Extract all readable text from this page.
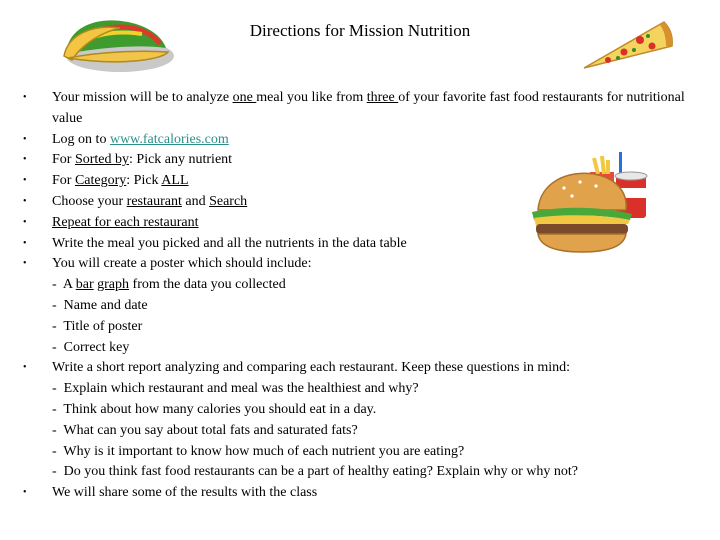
Directions for Mission Nutrition
• Your mission will be to analyze one meal you like from three of your favorite fast food restaurants for nutritional value
• Log on to www.fatcalories.com
• For Sorted by: Pick any nutrient
• For Category: Pick ALL
• Choose your restaurant and Search
• Repeat for each restaurant
• Write the meal you picked and all the nutrients in the data table
• You will create a poster which should include:
- A bar graph from the data you collected
- Name and date
- Title of poster
- Correct key
• Write a short report analyzing and comparing each restaurant. Keep these questions in mind:
- Explain which restaurant and meal was the healthiest and why?
- Think about how many calories you should eat in a day.
- What can you say about total fats and saturated fats?
- Why is it important to know how much of each nutrient you are eating?
- Do you think fast food restaurants can be a part of healthy eating? Explain why or why not?
• We will share some of the results with the class
